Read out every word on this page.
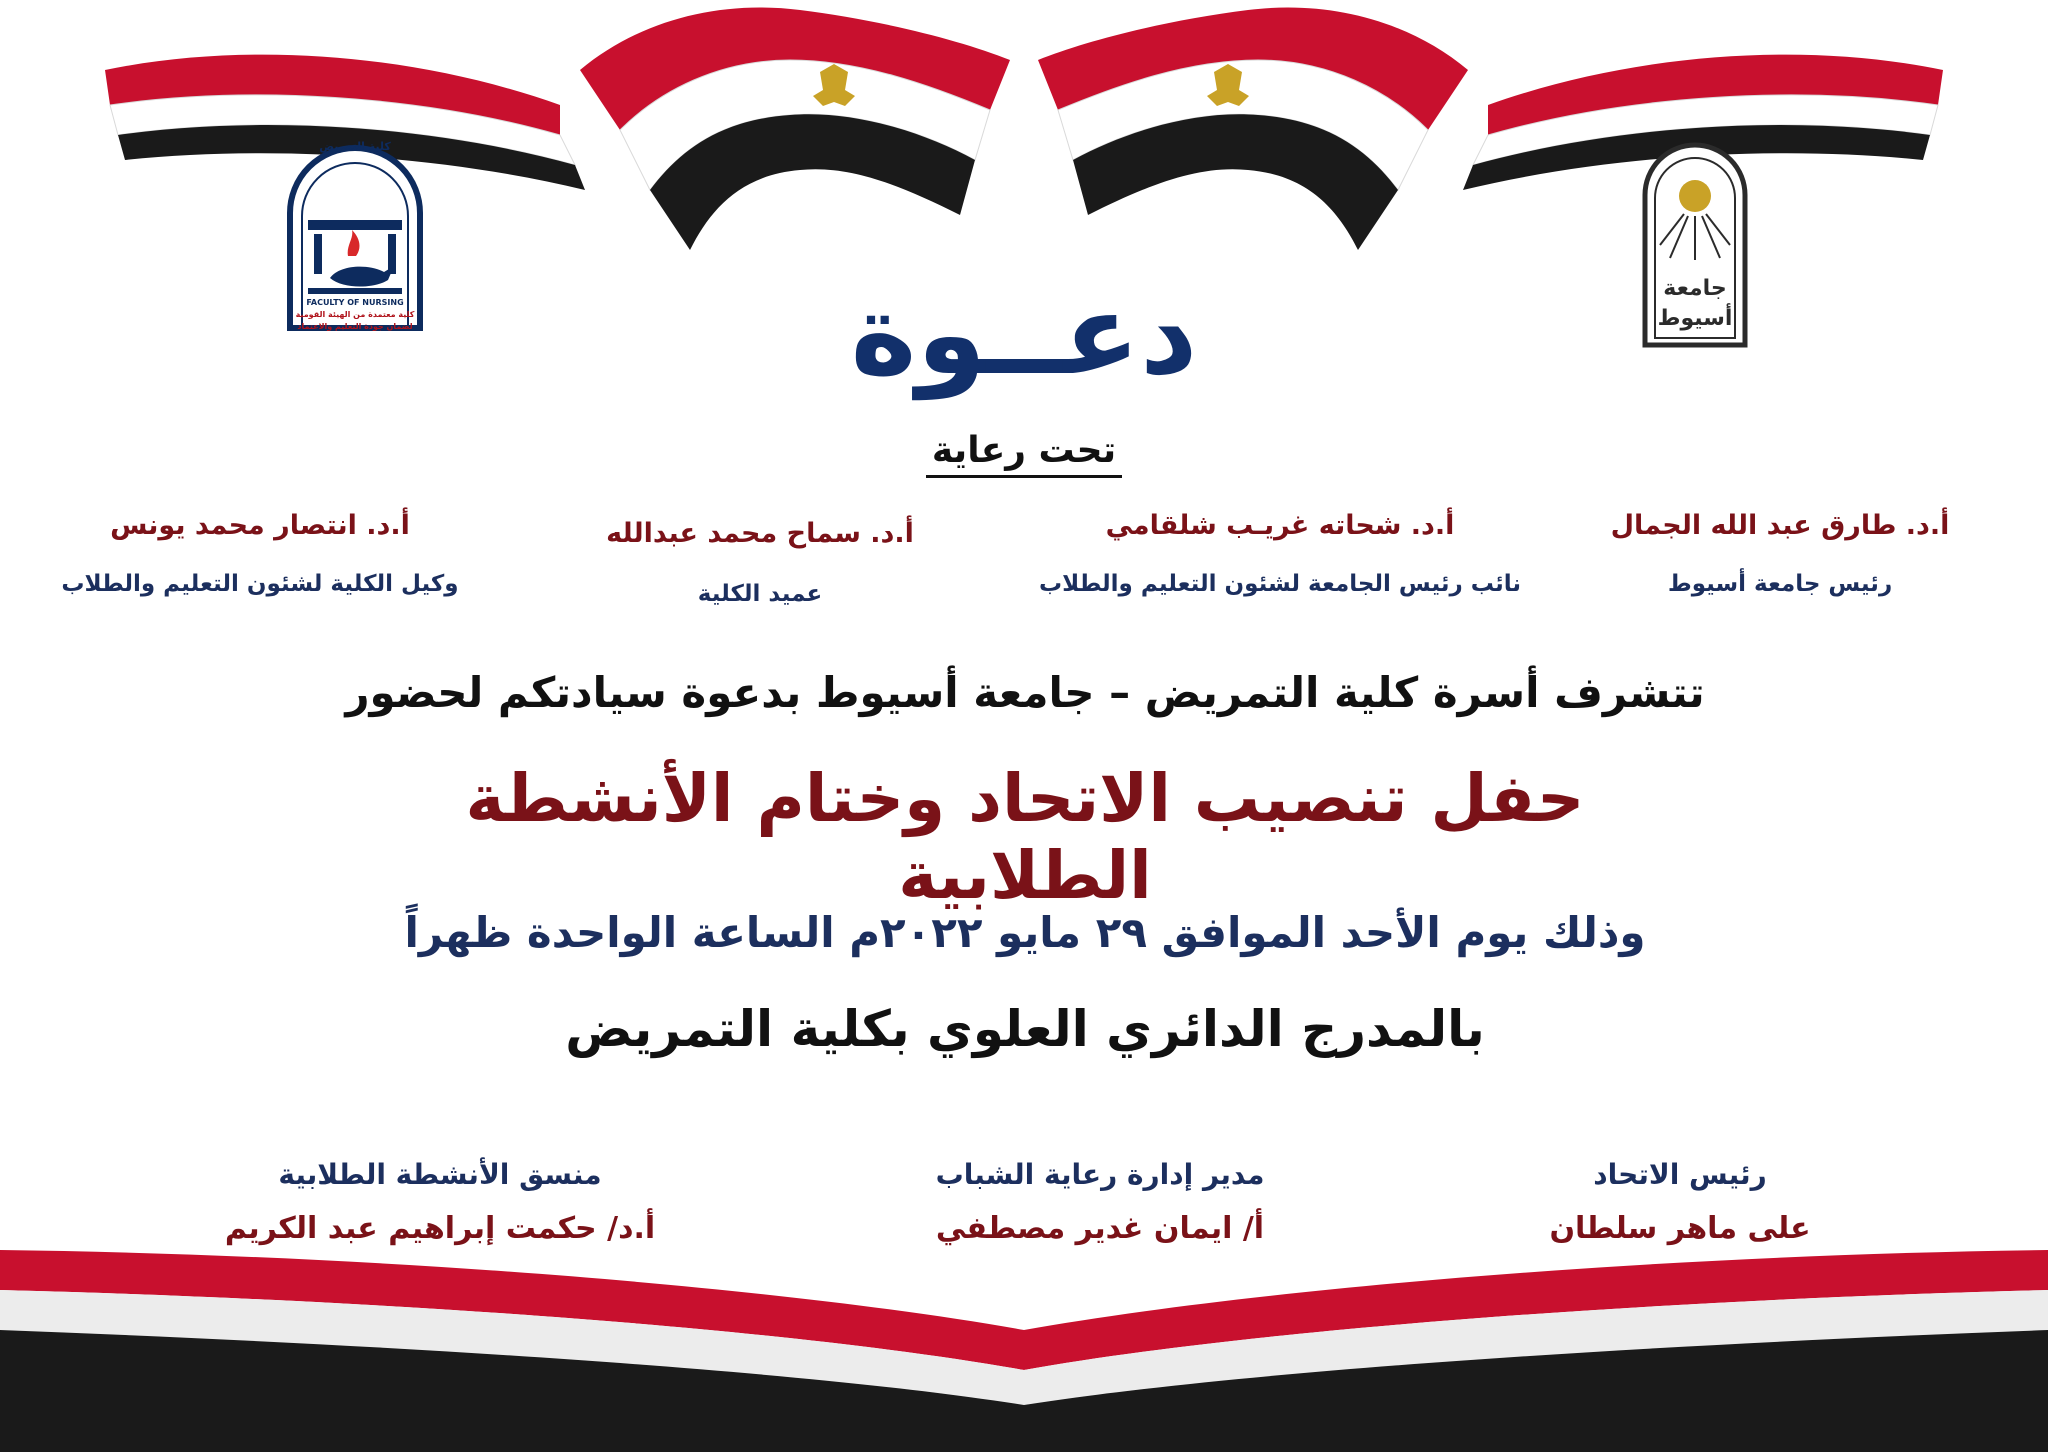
كلية التمريض
FACULTY OF NURSING
كلية معتمدة من الهيئة القومية
لضمان جودة التعليم والاعتماد
جامعة
أسيوط
دعــوة
تحت رعاية
أ.د. طارق عبد الله الجمال
رئيس جامعة أسيوط
أ.د. شحاته غريـب شلقامي
نائب رئيس الجامعة لشئون التعليم والطلاب
أ.د. سماح محمد عبدالله
عميد الكلية
أ.د. انتصار محمد يونس
وكيل الكلية لشئون التعليم والطلاب
تتشرف أسرة كلية التمريض – جامعة أسيوط بدعوة سيادتكم لحضور
حفل تنصيب الاتحاد وختام الأنشطة الطلابية
وذلك يوم الأحد الموافق ٢٩ مايو ٢٠٢٢م الساعة الواحدة ظهراً
بالمدرج الدائري العلوي بكلية التمريض
رئيس الاتحاد
على ماهر سلطان
مدير إدارة رعاية الشباب
أ/ ايمان غدير مصطفي
منسق الأنشطة الطلابية
أ.د/ حكمت إبراهيم عبد الكريم
